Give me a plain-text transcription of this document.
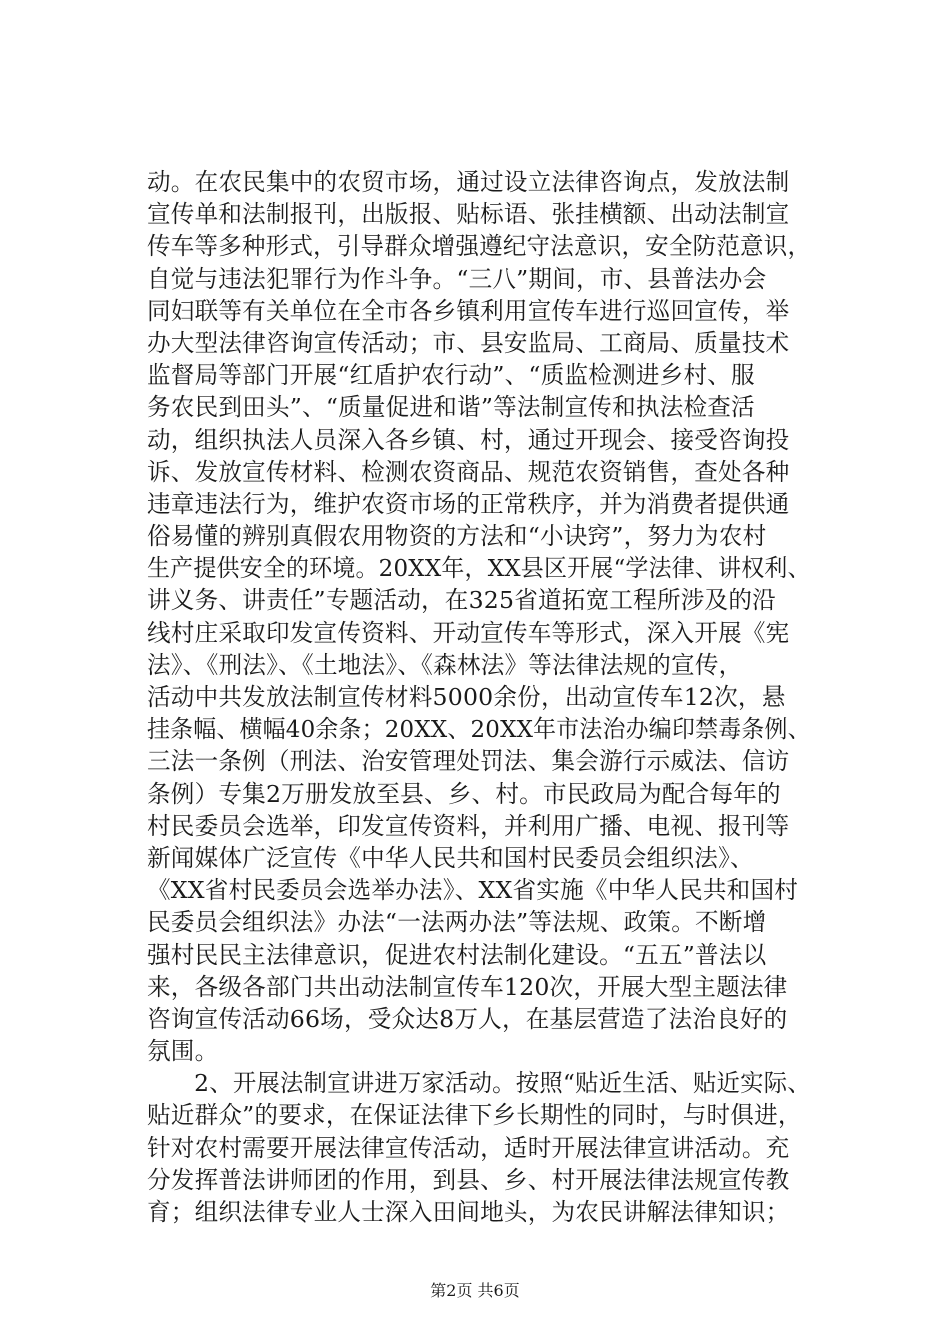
动。在农民集中的农贸市场，通过设立法律咨询点，发放法制
宣传单和法制报刊，出版报、贴标语、张挂横额、出动法制宣
传车等多种形式，引导群众增强遵纪守法意识，安全防范意识，
自觉与违法犯罪行为作斗争。“三八”期间，市、县普法办会
同妇联等有关单位在全市各乡镇利用宣传车进行巡回宣传，举
办大型法律咨询宣传活动；市、县安监局、工商局、质量技术
监督局等部门开展“红盾护农行动”、“质监检测进乡村、服
务农民到田头”、“质量促进和谐”等法制宣传和执法检查活
动，组织执法人员深入各乡镇、村，通过开现会、接受咨询投
诉、发放宣传材料、检测农资商品、规范农资销售，查处各种
违章违法行为，维护农资市场的正常秩序，并为消费者提供通
俗易懂的辨别真假农用物资的方法和“小诀窍”，努力为农村
生产提供安全的环境。20XX年，XX县区开展“学法律、讲权利、
讲义务、讲责任”专题活动，在325省道拓宽工程所涉及的沿
线村庄采取印发宣传资料、开动宣传车等形式，深入开展《宪
法》、《刑法》、《土地法》、《森林法》等法律法规的宣传，
活动中共发放法制宣传材料5000余份，出动宣传车12次，悬
挂条幅、横幅40余条；20XX、20XX年市法治办编印禁毒条例、
三法一条例（刑法、治安管理处罚法、集会游行示威法、信访
条例）专集2万册发放至县、乡、村。市民政局为配合每年的
村民委员会选举，印发宣传资料，并利用广播、电视、报刊等
新闻媒体广泛宣传《中华人民共和国村民委员会组织法》、
《XX省村民委员会选举办法》、XX省实施《中华人民共和国村
民委员会组织法》办法“一法两办法”等法规、政策。不断增
强村民民主法律意识，促进农村法制化建设。“五五”普法以
来，各级各部门共出动法制宣传车120次，开展大型主题法律
咨询宣传活动66场，受众达8万人，在基层营造了法治良好的
氛围。
　　2、开展法制宣讲进万家活动。按照“贴近生活、贴近实际、
贴近群众”的要求，在保证法律下乡长期性的同时，与时俱进，
针对农村需要开展法律宣传活动，适时开展法律宣讲活动。充
分发挥普法讲师团的作用，到县、乡、村开展法律法规宣传教
育；组织法律专业人士深入田间地头，为农民讲解法律知识；
第2页 共6页
